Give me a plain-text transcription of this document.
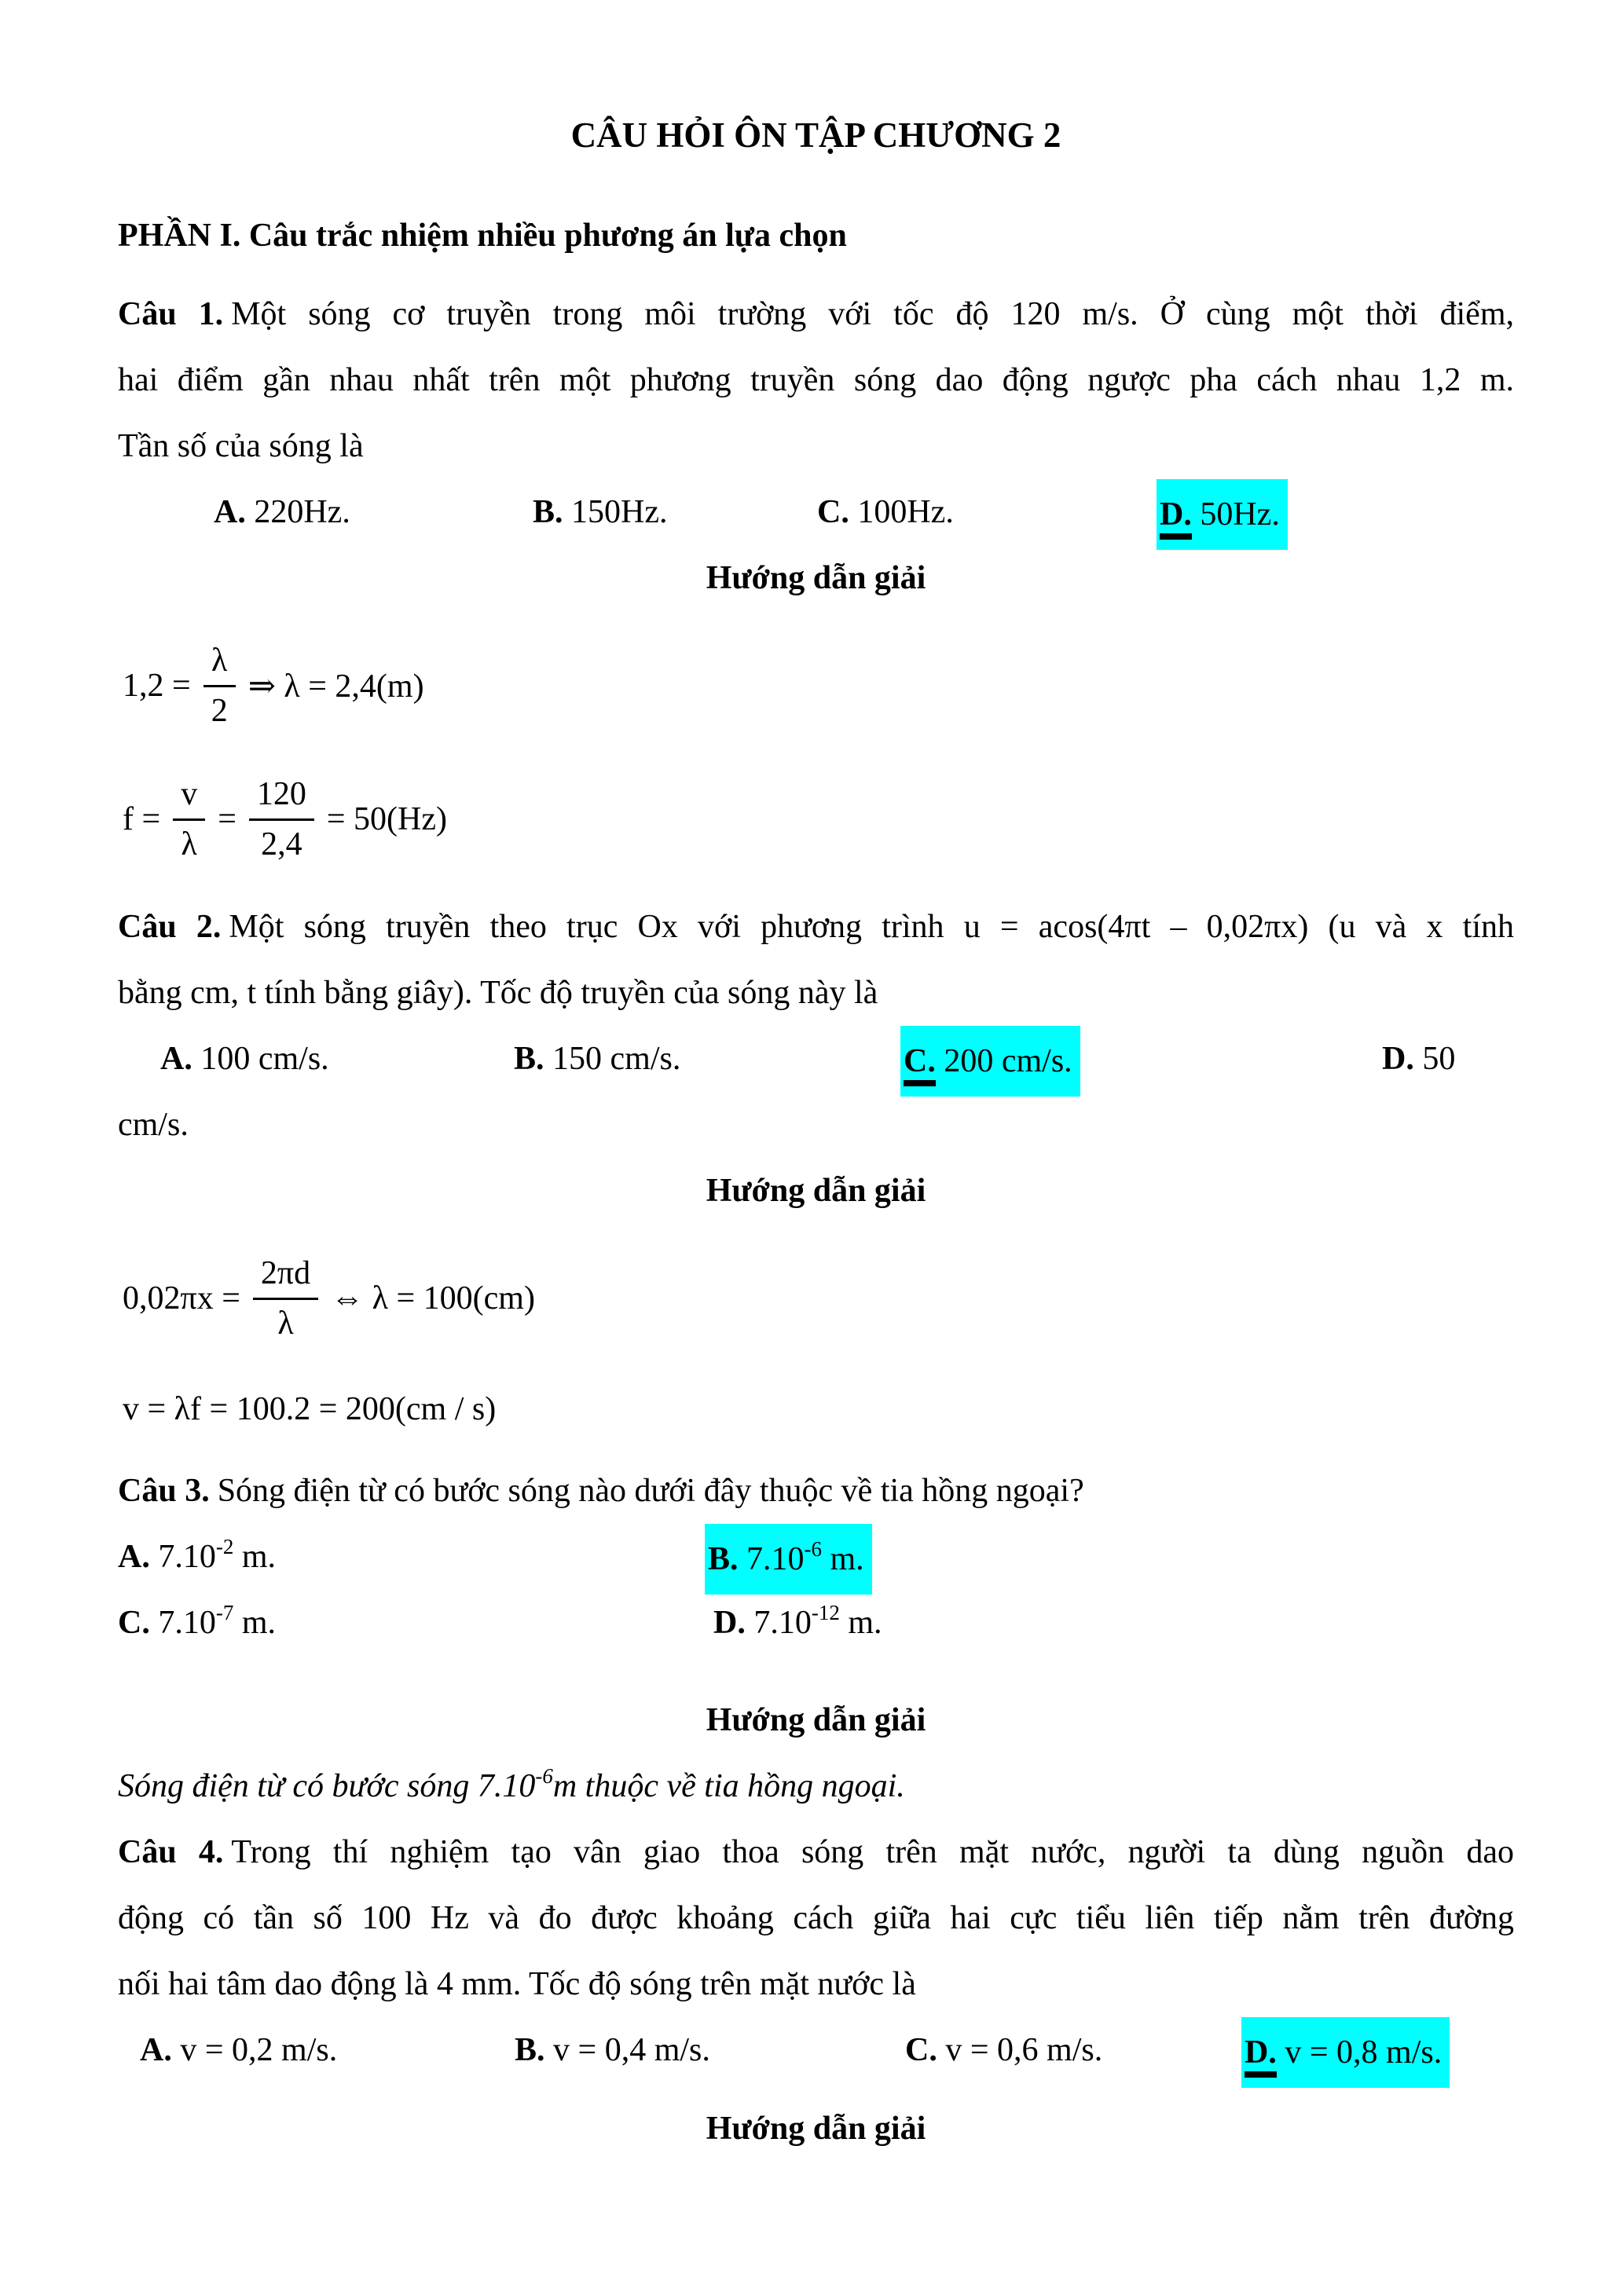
CÂU HỎI ÔN TẬP CHƯƠNG 2
PHẦN I. Câu trắc nhiệm nhiều phương án lựa chọn
Câu 1. Một sóng cơ truyền trong môi trường với tốc độ 120 m/s. Ở cùng một thời điểm,
hai điểm gần nhau nhất trên một phương truyền sóng dao động ngược pha cách nhau 1,2 m.
Tần số của sóng là
A. 220Hz.	B. 150Hz.	C. 100Hz.	D. 50Hz.
Hướng dẫn giải
$1,2 = \frac{\lambda}{2}$ ⇒ λ = 2,4(m)
$f = \frac{v}{\lambda} = \frac{120}{2,4} = 50(Hz)$
Câu 2. Một sóng truyền theo trục Ox với phương trình u = acos(4πt – 0,02πx) (u và x tính
bằng cm, t tính bằng giây). Tốc độ truyền của sóng này là
A. 100 cm/s.	B. 150 cm/s.	C. 200 cm/s.	D. 50
cm/s.
Hướng dẫn giải
$0,02\pi x = \frac{2\pi d}{\lambda}$ ⇔ λ = 100(cm)
v = λf = 100.2 = 200(cm / s)
Câu 3. Sóng điện từ có bước sóng nào dưới đây thuộc về tia hồng ngoại?
A. $7.10^{-2}$ m.	B. $7.10^{-6}$ m.
C. $7.10^{-7}$ m.	D. $7.10^{-12}$ m.
Hướng dẫn giải
Sóng điện từ có bước sóng $7.10^{-6}m$ thuộc về tia hồng ngoại.
Câu 4. Trong thí nghiệm tạo vân giao thoa sóng trên mặt nước, người ta dùng nguồn dao
động có tần số 100 Hz và đo được khoảng cách giữa hai cực tiểu liên tiếp nằm trên đường
nối hai tâm dao động là 4 mm. Tốc độ sóng trên mặt nước là
A. v = 0,2 m/s.	B. v = 0,4 m/s.	C. v = 0,6 m/s.	D. v = 0,8 m/s.
Hướng dẫn giải
